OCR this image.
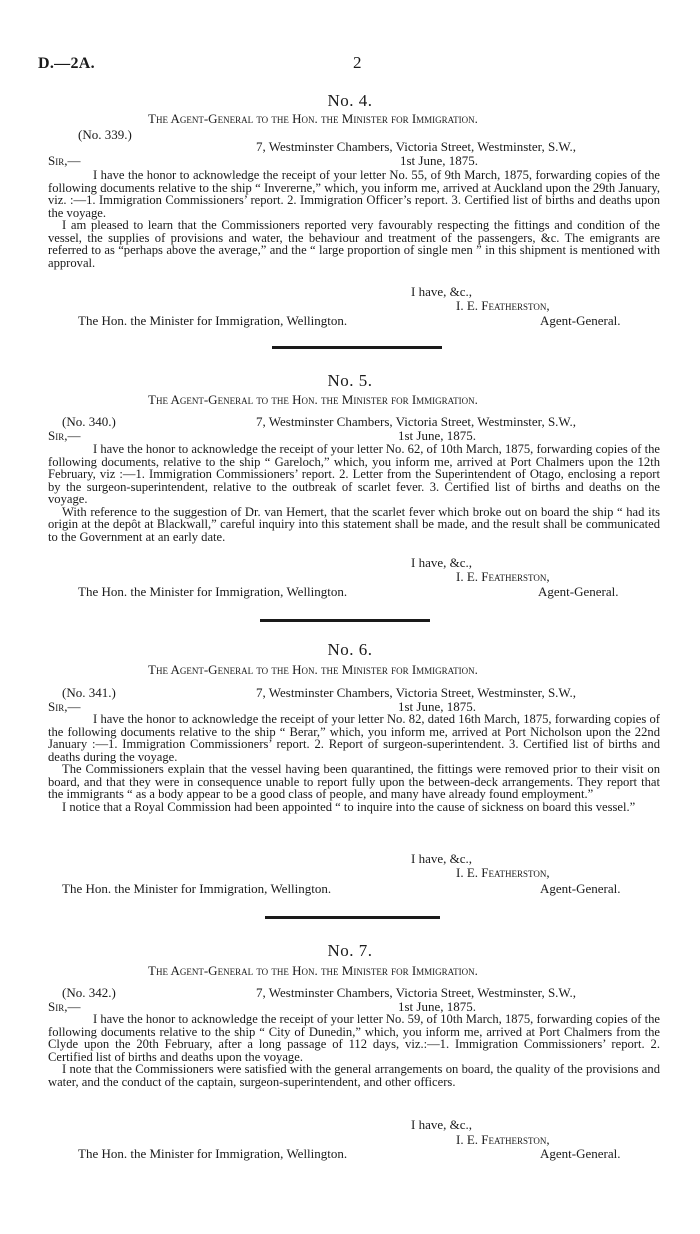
D.—2A.	2
No. 4.
The Agent-General to the Hon. the Minister for Immigration.
(No. 339.)
7, Westminster Chambers, Victoria Street, Westminster, S.W.,
1st June, 1875.
Sir,—

I have the honor to acknowledge the receipt of your letter No. 55, of 9th March, 1875, forwarding copies of the following documents relative to the ship “ Invererne,” which, you inform me, arrived at Auckland upon the 29th January, viz. :—1. Immigration Commissioners’ report. 2. Immigration Officer’s report. 3. Certified list of births and deaths upon the voyage.

I am pleased to learn that the Commissioners reported very favourably respecting the fittings and condition of the vessel, the supplies of provisions and water, the behaviour and treatment of the passengers, &c. The emigrants are referred to as “perhaps above the average,” and the “ large proportion of single men ” in this shipment is mentioned with approval.

I have, &c.,
I. E. Featherston,
The Hon. the Minister for Immigration, Wellington.	Agent-General.
No. 5.
The Agent-General to the Hon. the Minister for Immigration.
(No. 340.)	7, Westminster Chambers, Victoria Street, Westminster, S.W.,
1st June, 1875.
Sir,—

I have the honor to acknowledge the receipt of your letter No. 62, of 10th March, 1875, forwarding copies of the following documents, relative to the ship “ Gareloch,” which, you inform me, arrived at Port Chalmers upon the 12th February, viz :—1. Immigration Commissioners’ report. 2. Letter from the Superintendent of Otago, enclosing a report by the surgeon-superintendent, relative to the outbreak of scarlet fever. 3. Certified list of births and deaths on the voyage.

With reference to the suggestion of Dr. van Hemert, that the scarlet fever which broke out on board the ship “ had its origin at the depôt at Blackwall,” careful inquiry into this statement shall be made, and the result shall be communicated to the Government at an early date.

I have, &c.,
I. E. Featherston,
The Hon. the Minister for Immigration, Wellington.	Agent-General.
No. 6.
The Agent-General to the Hon. the Minister for Immigration.
(No. 341.)	7, Westminster Chambers, Victoria Street, Westminster, S.W.,
1st June, 1875.
Sir,—

I have the honor to acknowledge the receipt of your letter No. 82, dated 16th March, 1875, forwarding copies of the following documents relative to the ship “ Berar,” which, you inform me, arrived at Port Nicholson upon the 22nd January :—1. Immigration Commissioners’ report. 2. Report of surgeon-superintendent. 3. Certified list of births and deaths during the voyage.

The Commissioners explain that the vessel having been quarantined, the fittings were removed prior to their visit on board, and that they were in consequence unable to report fully upon the between-deck arrangements. They report that the immigrants “ as a body appear to be a good class of people, and many have already found employment.”

I notice that a Royal Commission had been appointed “ to inquire into the cause of sickness on board this vessel.”

I have, &c.,
I. E. Featherston,
The Hon. the Minister for Immigration, Wellington.	Agent-General.
No. 7.
The Agent-General to the Hon. the Minister for Immigration.
(No. 342.)	7, Westminster Chambers, Victoria Street, Westminster, S.W.,
1st June, 1875.
Sir,—

I have the honor to acknowledge the receipt of your letter No. 59, of 10th March, 1875, forwarding copies of the following documents relative to the ship “ City of Dunedin,” which, you inform me, arrived at Port Chalmers from the Clyde upon the 20th February, after a long passage of 112 days, viz.:—1. Immigration Commissioners’ report. 2. Certified list of births and deaths upon the voyage.

I note that the Commissioners were satisfied with the general arrangements on board, the quality of the provisions and water, and the conduct of the captain, surgeon-superintendent, and other officers.

I have, &c.,
I. E. Featherston,
The Hon. the Minister for Immigration, Wellington.	Agent-General.
